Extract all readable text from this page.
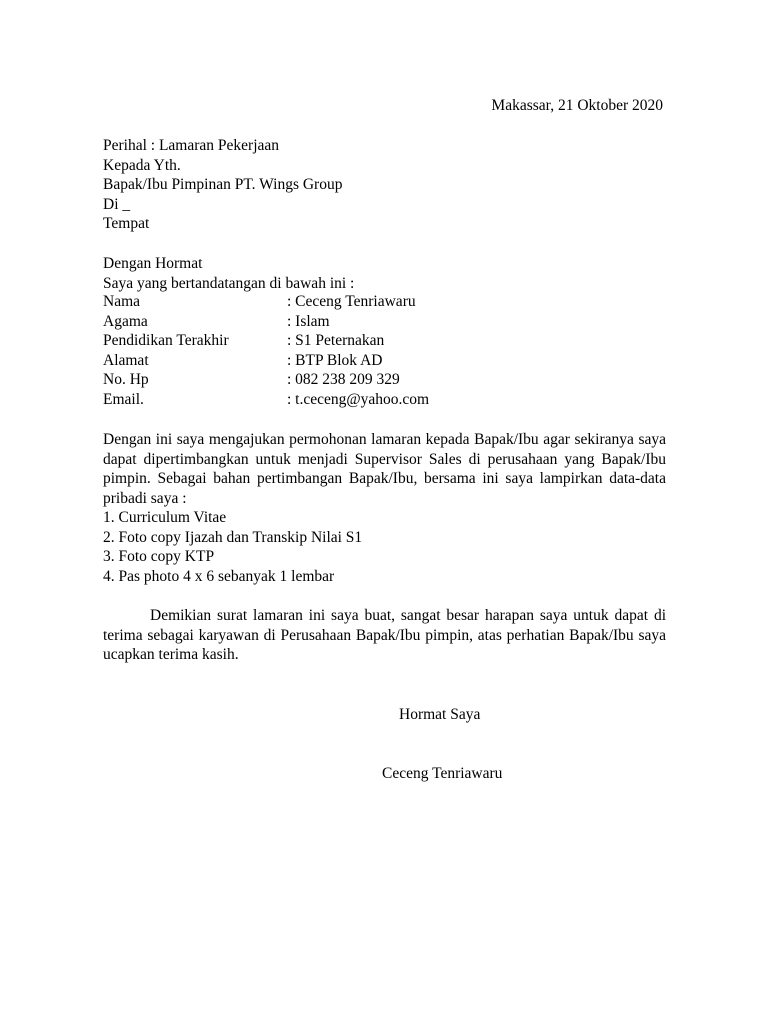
Makassar, 21 Oktober 2020
Perihal : Lamaran Pekerjaan
Kepada Yth.
Bapak/Ibu Pimpinan PT. Wings Group
Di _
Tempat
Dengan Hormat
Saya yang bertandatangan di bawah ini :
Nama	: Ceceng Tenriawaru
Agama	: Islam
Pendidikan Terakhir	: S1 Peternakan
Alamat	: BTP Blok AD
No. Hp	: 082 238 209 329
Email.	: t.ceceng@yahoo.com
Dengan ini saya mengajukan permohonan lamaran kepada Bapak/Ibu agar sekiranya saya dapat dipertimbangkan untuk menjadi Supervisor Sales di perusahaan yang Bapak/Ibu pimpin. Sebagai bahan pertimbangan Bapak/Ibu, bersama ini saya lampirkan data-data pribadi saya :
1. Curriculum Vitae
2. Foto copy Ijazah dan Transkip Nilai S1
3. Foto copy KTP
4. Pas photo 4 x 6 sebanyak 1 lembar
Demikian surat lamaran ini saya buat, sangat besar harapan saya untuk dapat di terima sebagai karyawan di Perusahaan Bapak/Ibu pimpin, atas perhatian Bapak/Ibu saya ucapkan terima kasih.
Hormat Saya
Ceceng Tenriawaru
